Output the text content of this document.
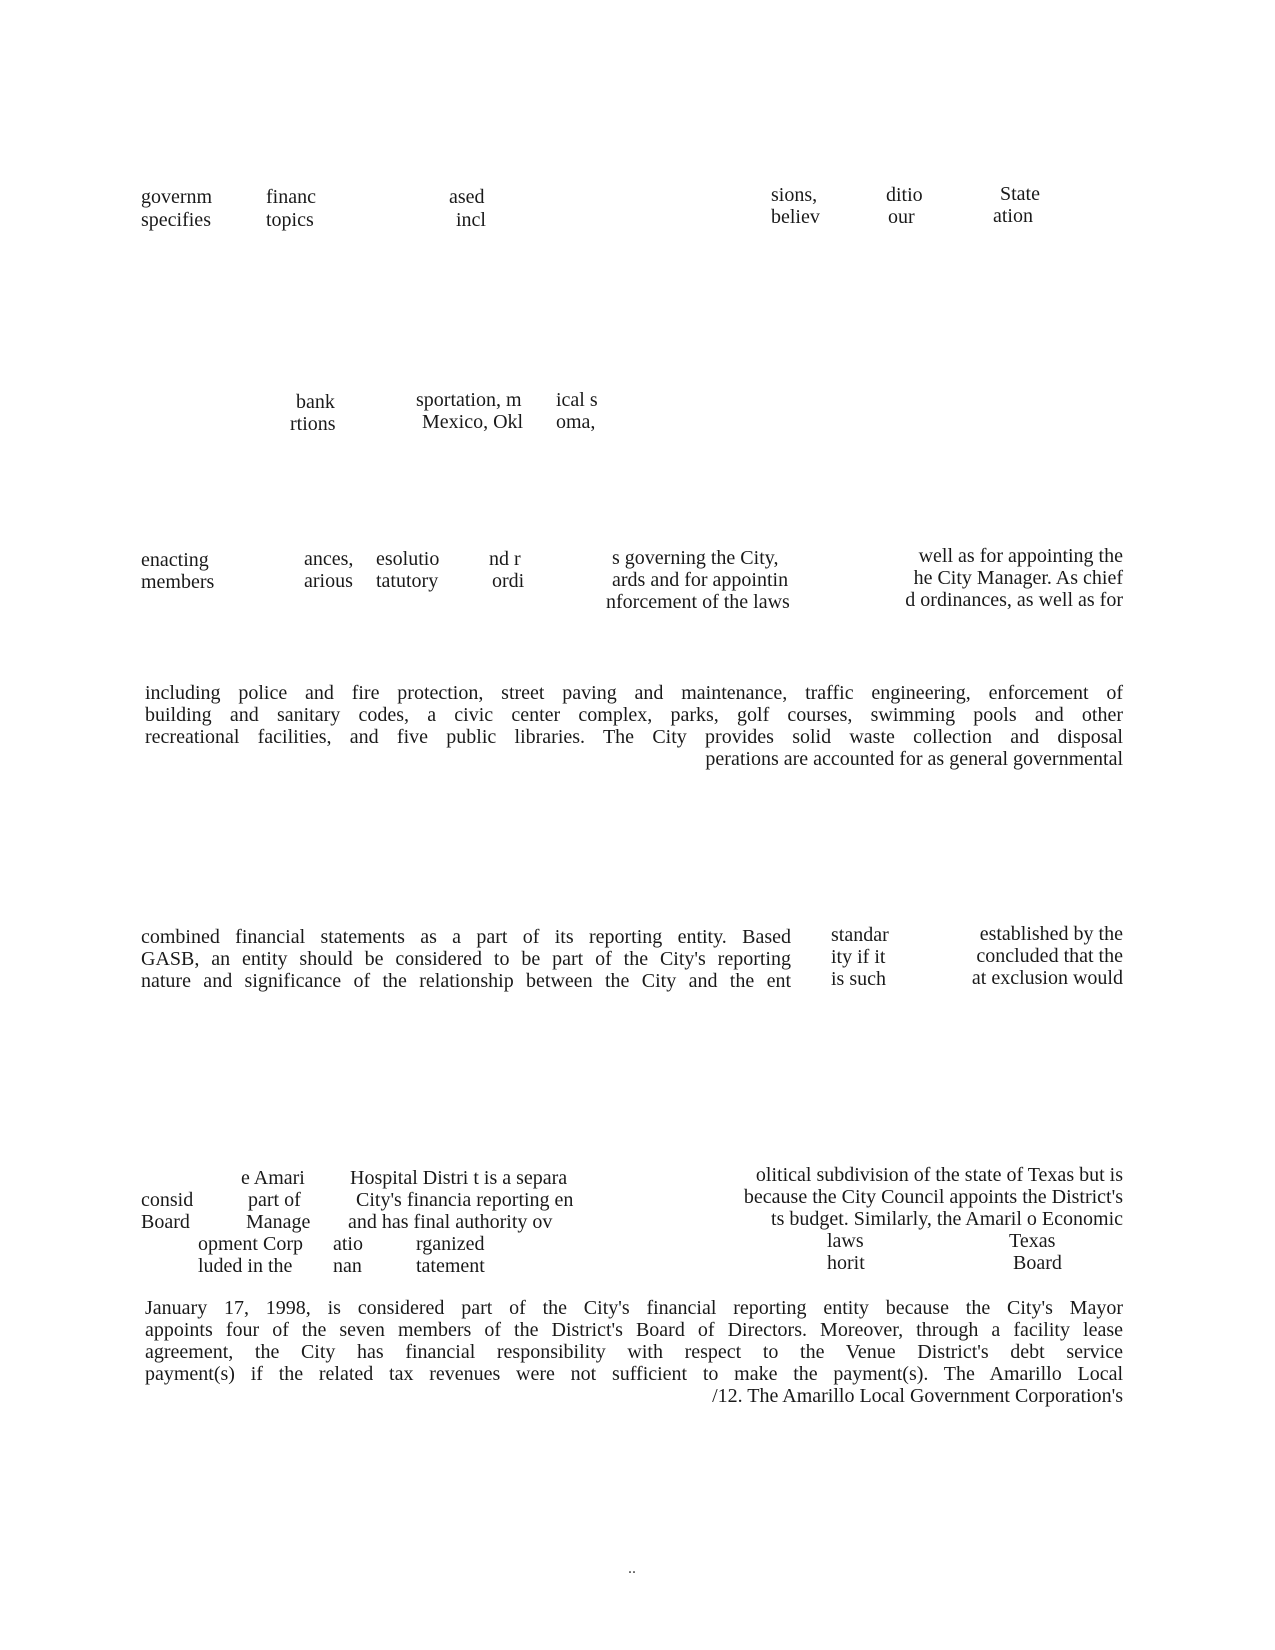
governm	financ	ased	sions,	ditio	State
specifies	topics	incl	believ	our	ation
bank	sportation, m ical s
rtions	Mexico, Okl oma,
enacting	ances, esolutio nd r	s governing the City,	well as for appointing the
members	arious tatutory	ordi	ards and for appointin	he City Manager. As chief
nforcement of the laws	d ordinances, as well as for
including police and fire protection, street paving and maintenance, traffic engineering, enforcement of
building and sanitary codes, a civic center complex, parks, golf courses, swimming pools and other
recreational facilities, and five public libraries. The City provides solid waste collection and disposal
perations are accounted for as general governmental
combined financial statements as a part of its reporting entity. Based standar	established by the
GASB, an entity should be considered to be part of the City's reporting ity if it	concluded that the
nature and significance of the relationship between the City and the ent is such	at exclusion would
e Amari Hospital Distri t is a separa	olitical subdivision of the state of Texas but is
consid	part of	City's financia reporting en	because the City Council appoints the District's
Board	Manage and has final authority ov	ts budget. Similarly, the Amaril o Economic
opment Corp atio	rganized	laws	Texas
luded in the nan	tatement	horit	Board
January 17, 1998, is considered part of the City's financial reporting entity because the City's Mayor
appoints four of the seven members of the District's Board of Directors. Moreover, through a facility lease
agreement, the City has financial responsibility with respect to the Venue District's debt service
payment(s) if the related tax revenues were not sufficient to make the payment(s). The Amarillo Local
/12. The Amarillo Local Government Corporation's
..
